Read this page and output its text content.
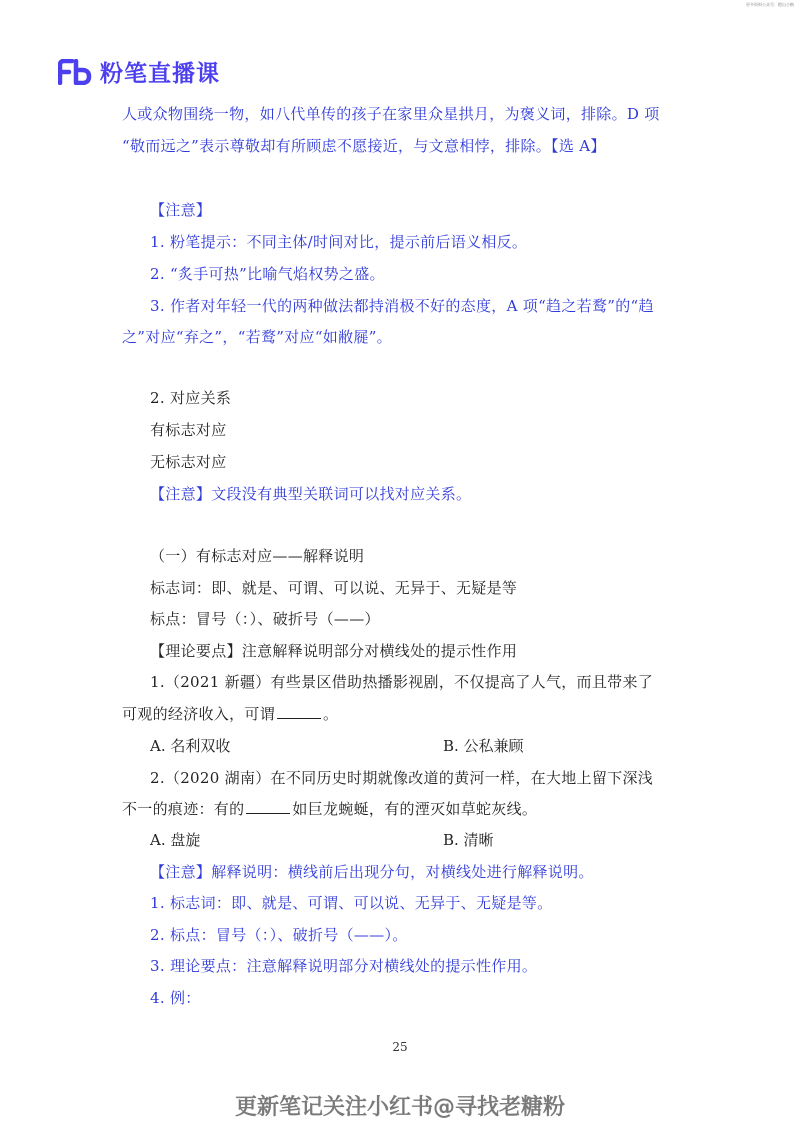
更多资料公众号：橙山小楷
粉笔直播课
人或众物围绕一物，如八代单传的孩子在家里众星拱月，为褒义词，排除。D 项
“敬而远之”表示尊敬却有所顾虑不愿接近，与文意相悖，排除。【选 A】
【注意】
1. 粉笔提示：不同主体/时间对比，提示前后语义相反。
2. “炙手可热”比喻气焰权势之盛。
3. 作者对年轻一代的两种做法都持消极不好的态度，A 项“趋之若鹜”的“趋
之”对应“弃之”，“若鹜”对应“如敝屣”。
2. 对应关系
有标志对应
无标志对应
【注意】文段没有典型关联词可以找对应关系。
（一）有标志对应——解释说明
标志词：即、就是、可谓、可以说、无异于、无疑是等
标点：冒号（：）、破折号（——）
【理论要点】注意解释说明部分对横线处的提示性作用
1.（2021 新疆）有些景区借助热播影视剧，不仅提高了人气，而且带来了
可观的经济收入，可谓	。
A. 名利双收	B. 公私兼顾
2.（2020 湖南）在不同历史时期就像改道的黄河一样，在大地上留下深浅
不一的痕迹：有的	如巨龙蜿蜒，有的湮灭如草蛇灰线。
A. 盘旋	B. 清晰
【注意】解释说明：横线前后出现分句，对横线处进行解释说明。
1. 标志词：即、就是、可谓、可以说、无异于、无疑是等。
2. 标点：冒号（：）、破折号（——）。
3. 理论要点：注意解释说明部分对横线处的提示性作用。
4. 例：
25
更新笔记关注小红书@寻找老糖粉
